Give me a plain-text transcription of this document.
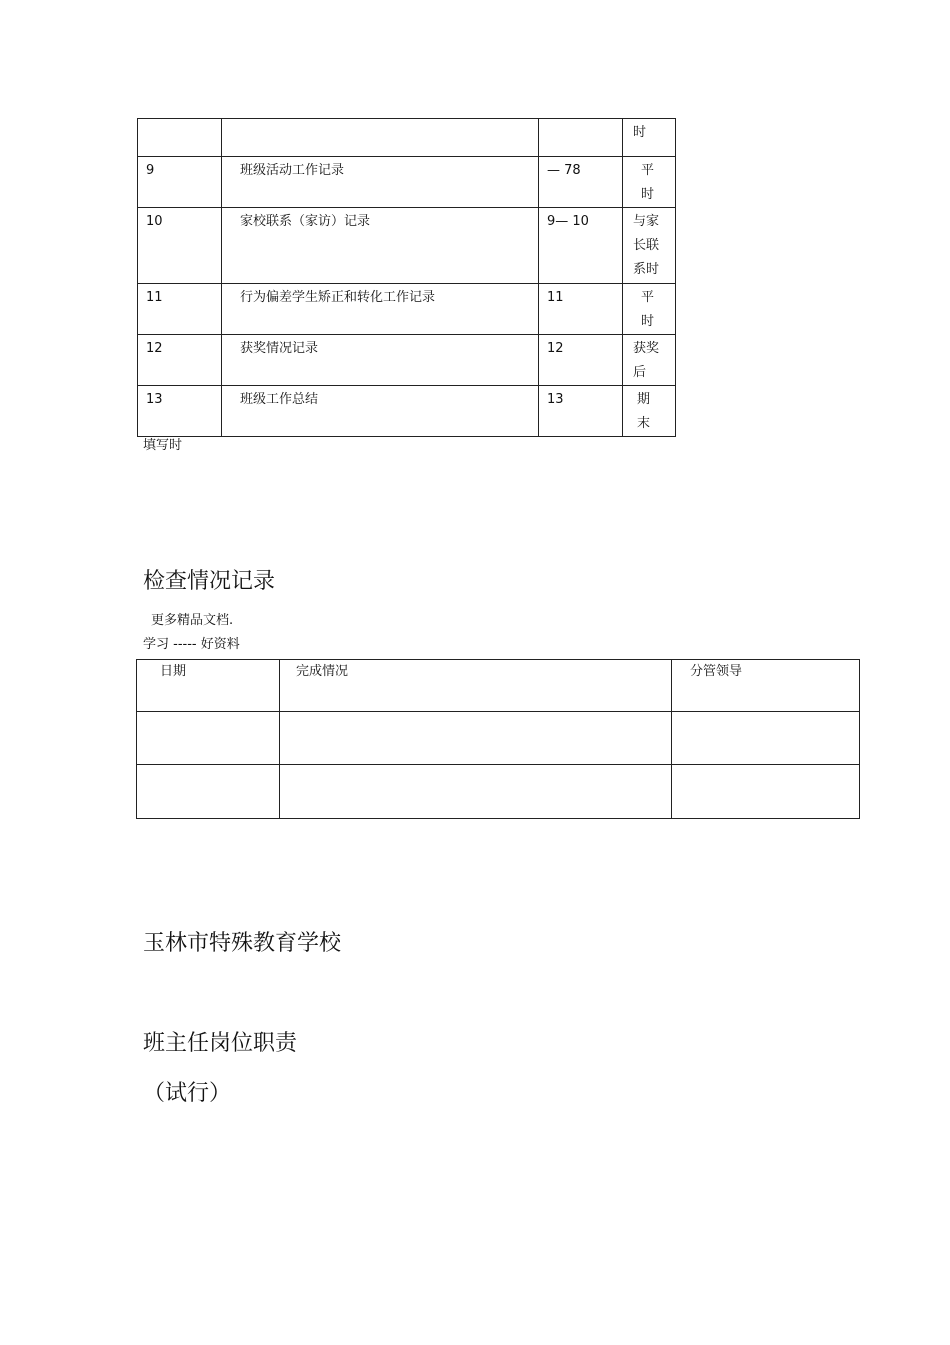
			时
9	班级活动工作记录	— 78	平
时
10	家校联系（家访）记录	9— 10	与家
长联
系时
11	行为偏差学生矫正和转化工作记录	11	平
时
12	获奖情况记录	12	获奖
后
13	班级工作总结	13	期
末
填写时
检查情况记录
更多精品文档.
学习 ----- 好资料
日期	完成情况	分管领导

玉林市特殊教育学校
班主任岗位职责
（试行）
